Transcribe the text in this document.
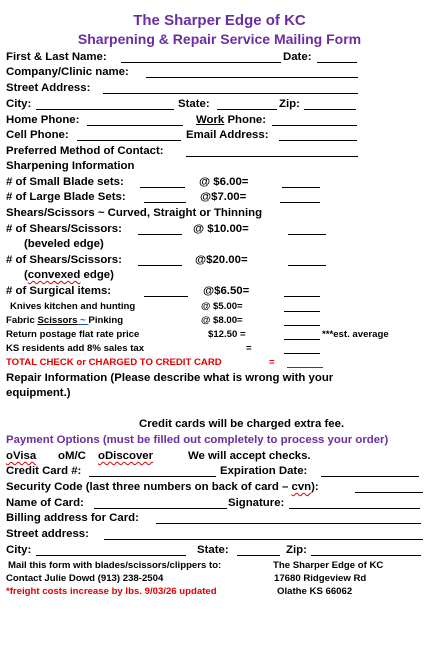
The Sharper Edge of KC
Sharpening & Repair Service Mailing Form
First & Last Name:	Date:
Company/Clinic name:
Street Address:
City:	State:	Zip:
Home Phone:	Work Phone:
Cell Phone:	Email Address:
Preferred Method of Contact:
Sharpening Information
# of Small Blade sets:	@ $6.00=
# of Large Blade Sets:	@$7.00=
Shears/Scissors ~ Curved, Straight or Thinning
# of Shears/Scissors:	@ $10.00=
(beveled edge)
# of Shears/Scissors:	@$20.00=
(convexed edge)
# of Surgical items:	@$6.50=
Knives kitchen and hunting	@ $5.00=
Fabric Scissors ~ Pinking	@ $8.00=
Return postage flat rate price	$12.50 =	***est. average
KS residents add 8% sales tax	=
TOTAL CHECK or CHARGED TO CREDIT CARD	=
Repair Information (Please describe what is wrong with your
equipment.)
Credit cards will be charged extra fee.
Payment Options (must be filled out completely to process your order)
oVisa oM/C oDiscover	We will accept checks.
Credit Card #:	Expiration Date:
Security Code (last three numbers on back of card – cvn):
Name of Card:	Signature:
Billing address for Card:
Street address:
City:	State:	Zip:
Mail this form with blades/scissors/clippers to:	The Sharper Edge of KC
Contact Julie Dowd (913) 238-2504	17680 Ridgeview Rd
*freight costs increase by lbs. 9/03/26 updated	Olathe KS 66062
